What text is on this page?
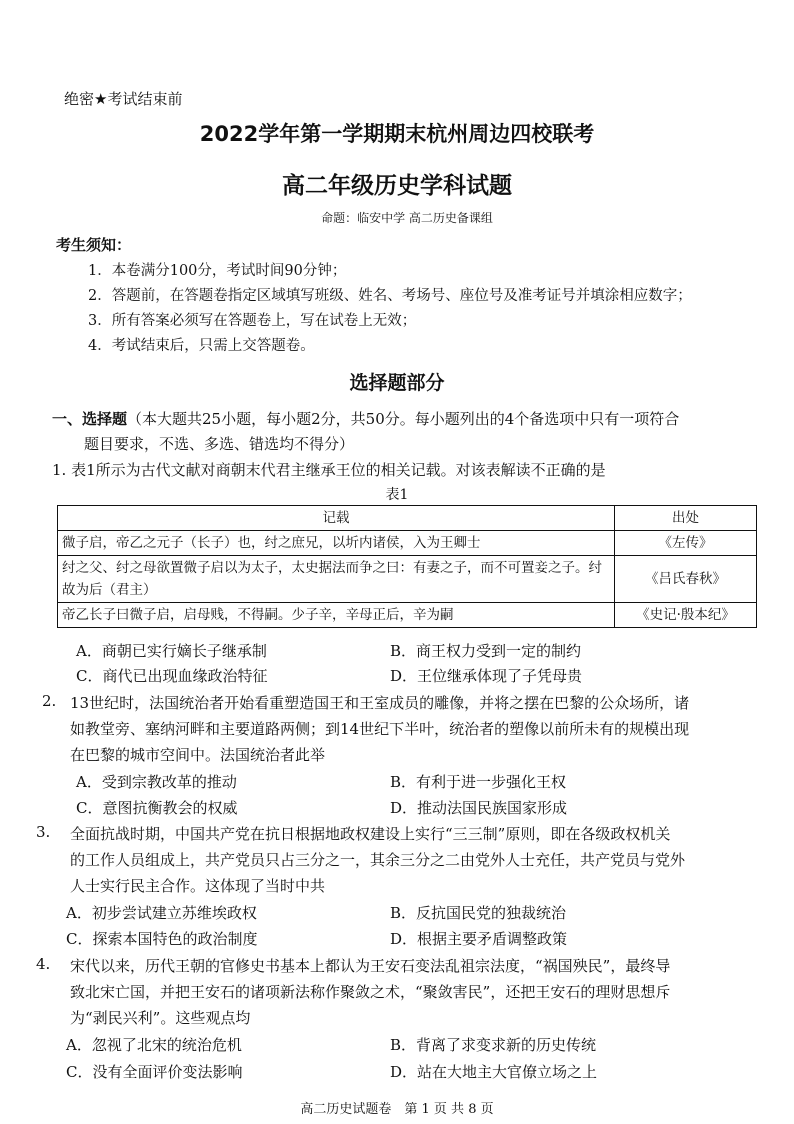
绝密★考试结束前
2022学年第一学期期末杭州周边四校联考
高二年级历史学科试题
命题：临安中学 高二历史备课组
考生须知：
1．本卷满分100分，考试时间90分钟；
2．答题前，在答题卷指定区域填写班级、姓名、考场号、座位号及准考证号并填涂相应数字；
3．所有答案必须写在答题卷上，写在试卷上无效；
4．考试结束后，只需上交答题卷。
选择题部分
一、选择题（本大题共25小题，每小题2分，共50分。每小题列出的4个备选项中只有一项符合
题目要求，不选、多选、错选均不得分）
1. 表1所示为古代文献对商朝末代君主继承王位的相关记载。对该表解读不正确的是
表1
记载	出处
微子启，帝乙之元子（长子）也，纣之庶兄，以圻内诸侯，入为王卿士	《左传》
纣之父、纣之母欲置微子启以为太子，太史据法而争之曰：有妻之子，而不可置妾之子。纣故为后（君主）	《吕氏春秋》
帝乙长子曰微子启，启母贱，不得嗣。少子辛，辛母正后，辛为嗣	《史记·殷本纪》
A．商朝已实行嫡长子继承制	B．商王权力受到一定的制约
C．商代已出现血缘政治特征	D．王位继承体现了子凭母贵
2. 13世纪时，法国统治者开始看重塑造国王和王室成员的雕像，并将之摆在巴黎的公众场所，诸
如教堂旁、塞纳河畔和主要道路两侧；到14世纪下半叶，统治者的塑像以前所未有的规模出现
在巴黎的城市空间中。法国统治者此举
A．受到宗教改革的推动	B．有利于进一步强化王权
C．意图抗衡教会的权威	D．推动法国民族国家形成
3. 全面抗战时期，中国共产党在抗日根据地政权建设上实行“三三制”原则，即在各级政权机关
的工作人员组成上，共产党员只占三分之一，其余三分之二由党外人士充任，共产党员与党外
人士实行民主合作。这体现了当时中共
A．初步尝试建立苏维埃政权	B．反抗国民党的独裁统治
C．探索本国特色的政治制度	D．根据主要矛盾调整政策
4. 宋代以来，历代王朝的官修史书基本上都认为王安石变法乱祖宗法度，“祸国殃民”，最终导
致北宋亡国，并把王安石的诸项新法称作聚敛之术，“聚敛害民”，还把王安石的理财思想斥
为“剥民兴利”。这些观点均
A．忽视了北宋的统治危机	B．背离了求变求新的历史传统
C．没有全面评价变法影响	D．站在大地主大官僚立场之上
高二历史试题卷　第 1 页 共 8 页
